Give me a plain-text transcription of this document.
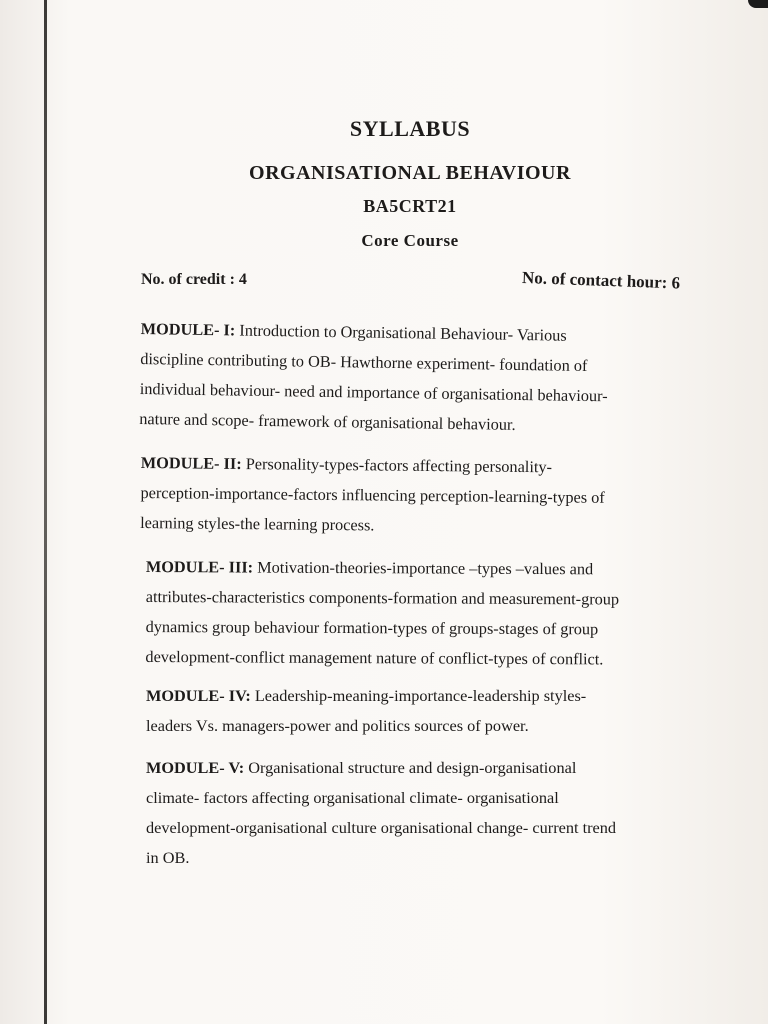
SYLLABUS
ORGANISATIONAL BEHAVIOUR
BA5CRT21
Core Course
No. of credit : 4	No. of contact hour: 6
MODULE- I: Introduction to Organisational Behaviour- Various
discipline contributing to OB- Hawthorne experiment- foundation of
individual behaviour- need and importance of organisational behaviour-
nature and scope- framework of organisational behaviour.
MODULE- II: Personality-types-factors affecting personality-
perception-importance-factors influencing perception-learning-types of
learning styles-the learning process.
MODULE- III: Motivation-theories-importance –types –values and
attributes-characteristics components-formation and measurement-group
dynamics group behaviour formation-types of groups-stages of group
development-conflict management nature of conflict-types of conflict.
MODULE- IV: Leadership-meaning-importance-leadership styles-
leaders Vs. managers-power and politics sources of power.
MODULE- V: Organisational structure and design-organisational
climate- factors affecting organisational climate- organisational
development-organisational culture organisational change- current trend
in OB.
